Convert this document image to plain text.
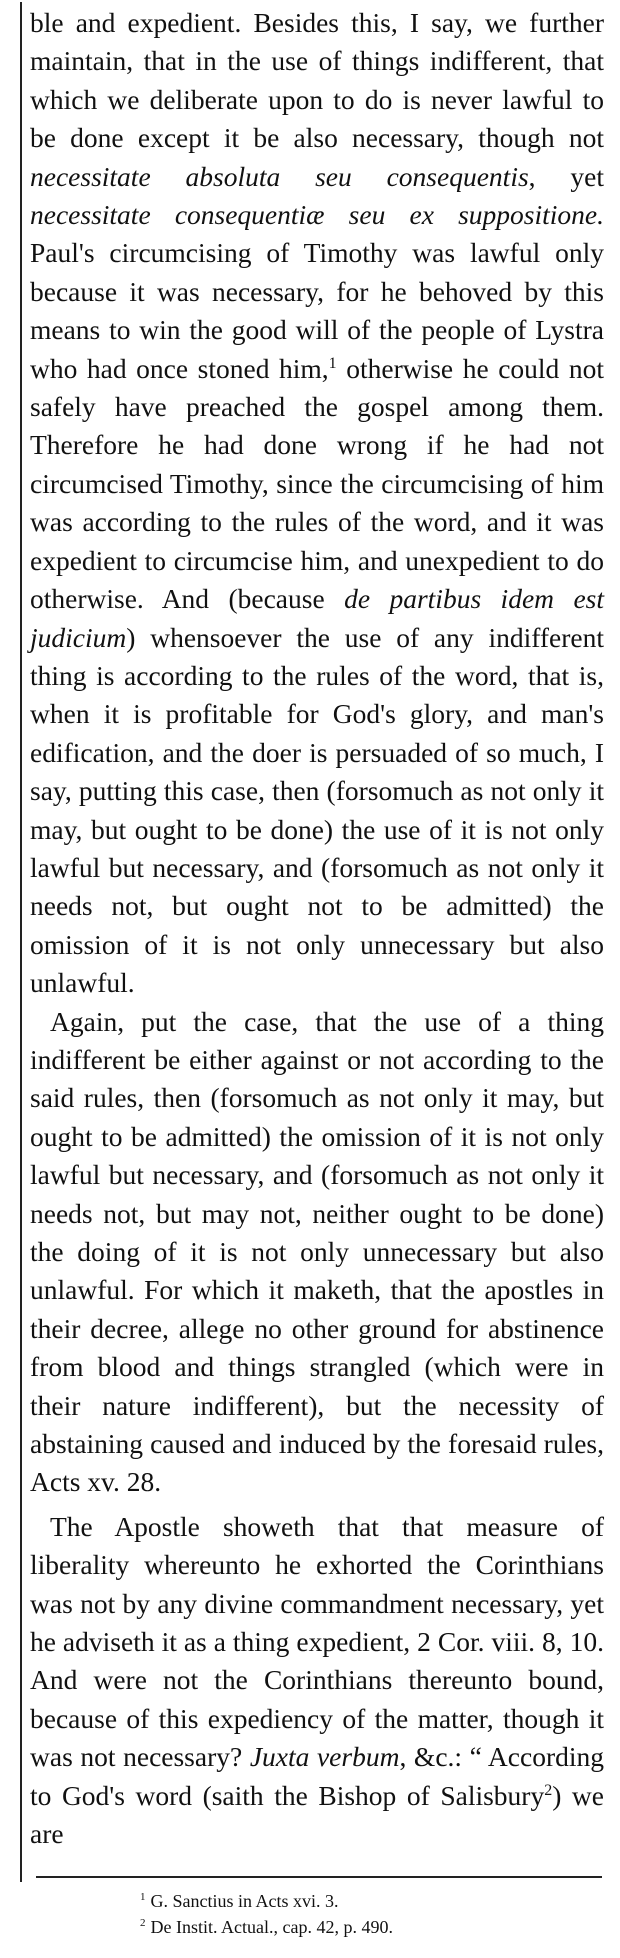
ble and expedient. Besides this, I say, we further maintain, that in the use of things indifferent, that which we deliberate upon to do is never lawful to be done except it be also necessary, though not necessitate absoluta seu consequentis, yet necessitate consequentiæ seu ex suppositione. Paul's circumcising of Timothy was lawful only because it was necessary, for he behoved by this means to win the good will of the people of Lystra who had once stoned him,$^1$ otherwise he could not safely have preached the gospel among them. Therefore he had done wrong if he had not circumcised Timothy, since the circumcising of him was according to the rules of the word, and it was expedient to circumcise him, and unexpedient to do otherwise. And (because de partibus idem est judicium) whensoever the use of any indifferent thing is according to the rules of the word, that is, when it is profitable for God's glory, and man's edification, and the doer is persuaded of so much, I say, putting this case, then (forsomuch as not only it may, but ought to be done) the use of it is not only lawful but necessary, and (forsomuch as not only it needs not, but ought not to be admitted) the omission of it is not only unnecessary but also unlawful.

Again, put the case, that the use of a thing indifferent be either against or not according to the said rules, then (forsomuch as not only it may, but ought to be admitted) the omission of it is not only lawful but necessary, and (forsomuch as not only it needs not, but may not, neither ought to be done) the doing of it is not only unnecessary but also unlawful. For which it maketh, that the apostles in their decree, allege no other ground for abstinence from blood and things strangled (which were in their nature indifferent), but the necessity of abstaining caused and induced by the foresaid rules, Acts xv. 28.

The Apostle showeth that that measure of liberality whereunto he exhorted the Corinthians was not by any divine commandment necessary, yet he adviseth it as a thing expedient, 2 Cor. viii. 8, 10. And were not the Corinthians thereunto bound, because of this expediency of the matter, though it was not necessary? Juxta verbum, &c.: “ According to God's word (saith the Bishop of Salisbury$^2$) we are

$^1$ G. Sanctius in Acts xvi. 3.
$^2$ De Instit. Actual., cap. 42, p. 490.
